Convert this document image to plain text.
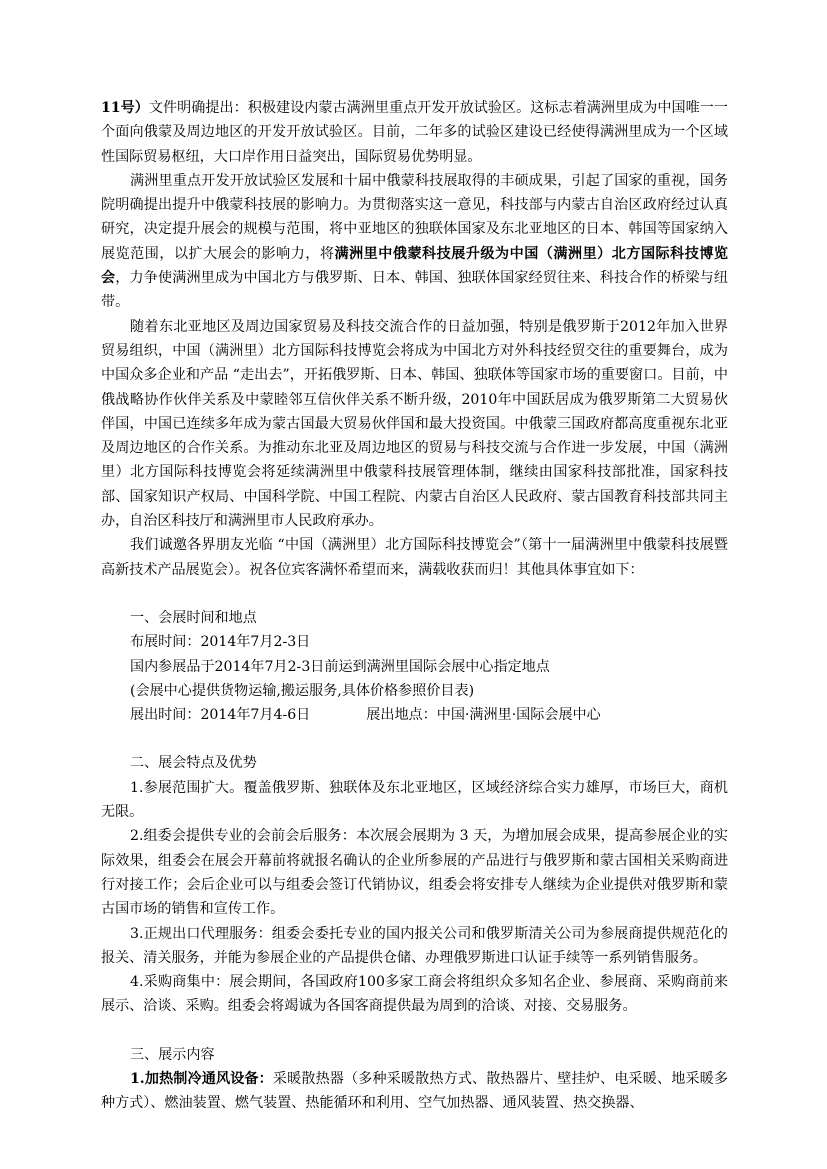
11号）文件明确提出：积极建设内蒙古满洲里重点开发开放试验区。这标志着满洲里成为中国唯一一个面向俄蒙及周边地区的开发开放试验区。目前，二年多的试验区建设已经使得满洲里成为一个区域性国际贸易枢纽，大口岸作用日益突出，国际贸易优势明显。

满洲里重点开发开放试验区发展和十届中俄蒙科技展取得的丰硕成果，引起了国家的重视，国务院明确提出提升中俄蒙科技展的影响力。为贯彻落实这一意见，科技部与内蒙古自治区政府经过认真研究，决定提升展会的规模与范围，将中亚地区的独联体国家及东北亚地区的日本、韩国等国家纳入展览范围，以扩大展会的影响力，将满洲里中俄蒙科技展升级为中国（满洲里）北方国际科技博览会，力争使满洲里成为中国北方与俄罗斯、日本、韩国、独联体国家经贸往来、科技合作的桥梁与纽带。

随着东北亚地区及周边国家贸易及科技交流合作的日益加强，特别是俄罗斯于2012年加入世界贸易组织，中国（满洲里）北方国际科技博览会将成为中国北方对外科技经贸交往的重要舞台，成为中国众多企业和产品 “走出去”，开拓俄罗斯、日本、韩国、独联体等国家市场的重要窗口。目前，中俄战略协作伙伴关系及中蒙睦邻互信伙伴关系不断升级，2010年中国跃居成为俄罗斯第二大贸易伙伴国，中国已连续多年成为蒙古国最大贸易伙伴国和最大投资国。中俄蒙三国政府都高度重视东北亚及周边地区的合作关系。为推动东北亚及周边地区的贸易与科技交流与合作进一步发展，中国（满洲里）北方国际科技博览会将延续满洲里中俄蒙科技展管理体制，继续由国家科技部批准，国家科技部、国家知识产权局、中国科学院、中国工程院、内蒙古自治区人民政府、蒙古国教育科技部共同主办，自治区科技厅和满洲里市人民政府承办。

我们诚邀各界朋友光临 “中国（满洲里）北方国际科技博览会”（第十一届满洲里中俄蒙科技展暨高新技术产品展览会）。祝各位宾客满怀希望而来，满载收获而归！其他具体事宜如下：

一、会展时间和地点

布展时间：2014年7月2-3日

国内参展品于2014年7月2-3日前运到满洲里国际会展中心指定地点

(会展中心提供货物运输,搬运服务,具体价格参照价目表)

展出时间：2014年7月4-6日	展出地点：中国·满洲里·国际会展中心

二、展会特点及优势

1.参展范围扩大。覆盖俄罗斯、独联体及东北亚地区，区域经济综合实力雄厚，市场巨大，商机无限。

2.组委会提供专业的会前会后服务：本次展会展期为 3 天，为增加展会成果，提高参展企业的实际效果，组委会在展会开幕前将就报名确认的企业所参展的产品进行与俄罗斯和蒙古国相关采购商进行对接工作；会后企业可以与组委会签订代销协议，组委会将安排专人继续为企业提供对俄罗斯和蒙古国市场的销售和宣传工作。

3.正规出口代理服务：组委会委托专业的国内报关公司和俄罗斯清关公司为参展商提供规范化的报关、清关服务，并能为参展企业的产品提供仓储、办理俄罗斯进口认证手续等一系列销售服务。

4.采购商集中：展会期间，各国政府100多家工商会将组织众多知名企业、参展商、采购商前来展示、洽谈、采购。组委会将竭诚为各国客商提供最为周到的洽谈、对接、交易服务。

三、展示内容

1.加热制冷通风设备：采暖散热器（多种采暖散热方式、散热器片、壁挂炉、电采暖、地采暖多种方式）、燃油装置、燃气装置、热能循环和利用、空气加热器、通风装置、热交换器、
